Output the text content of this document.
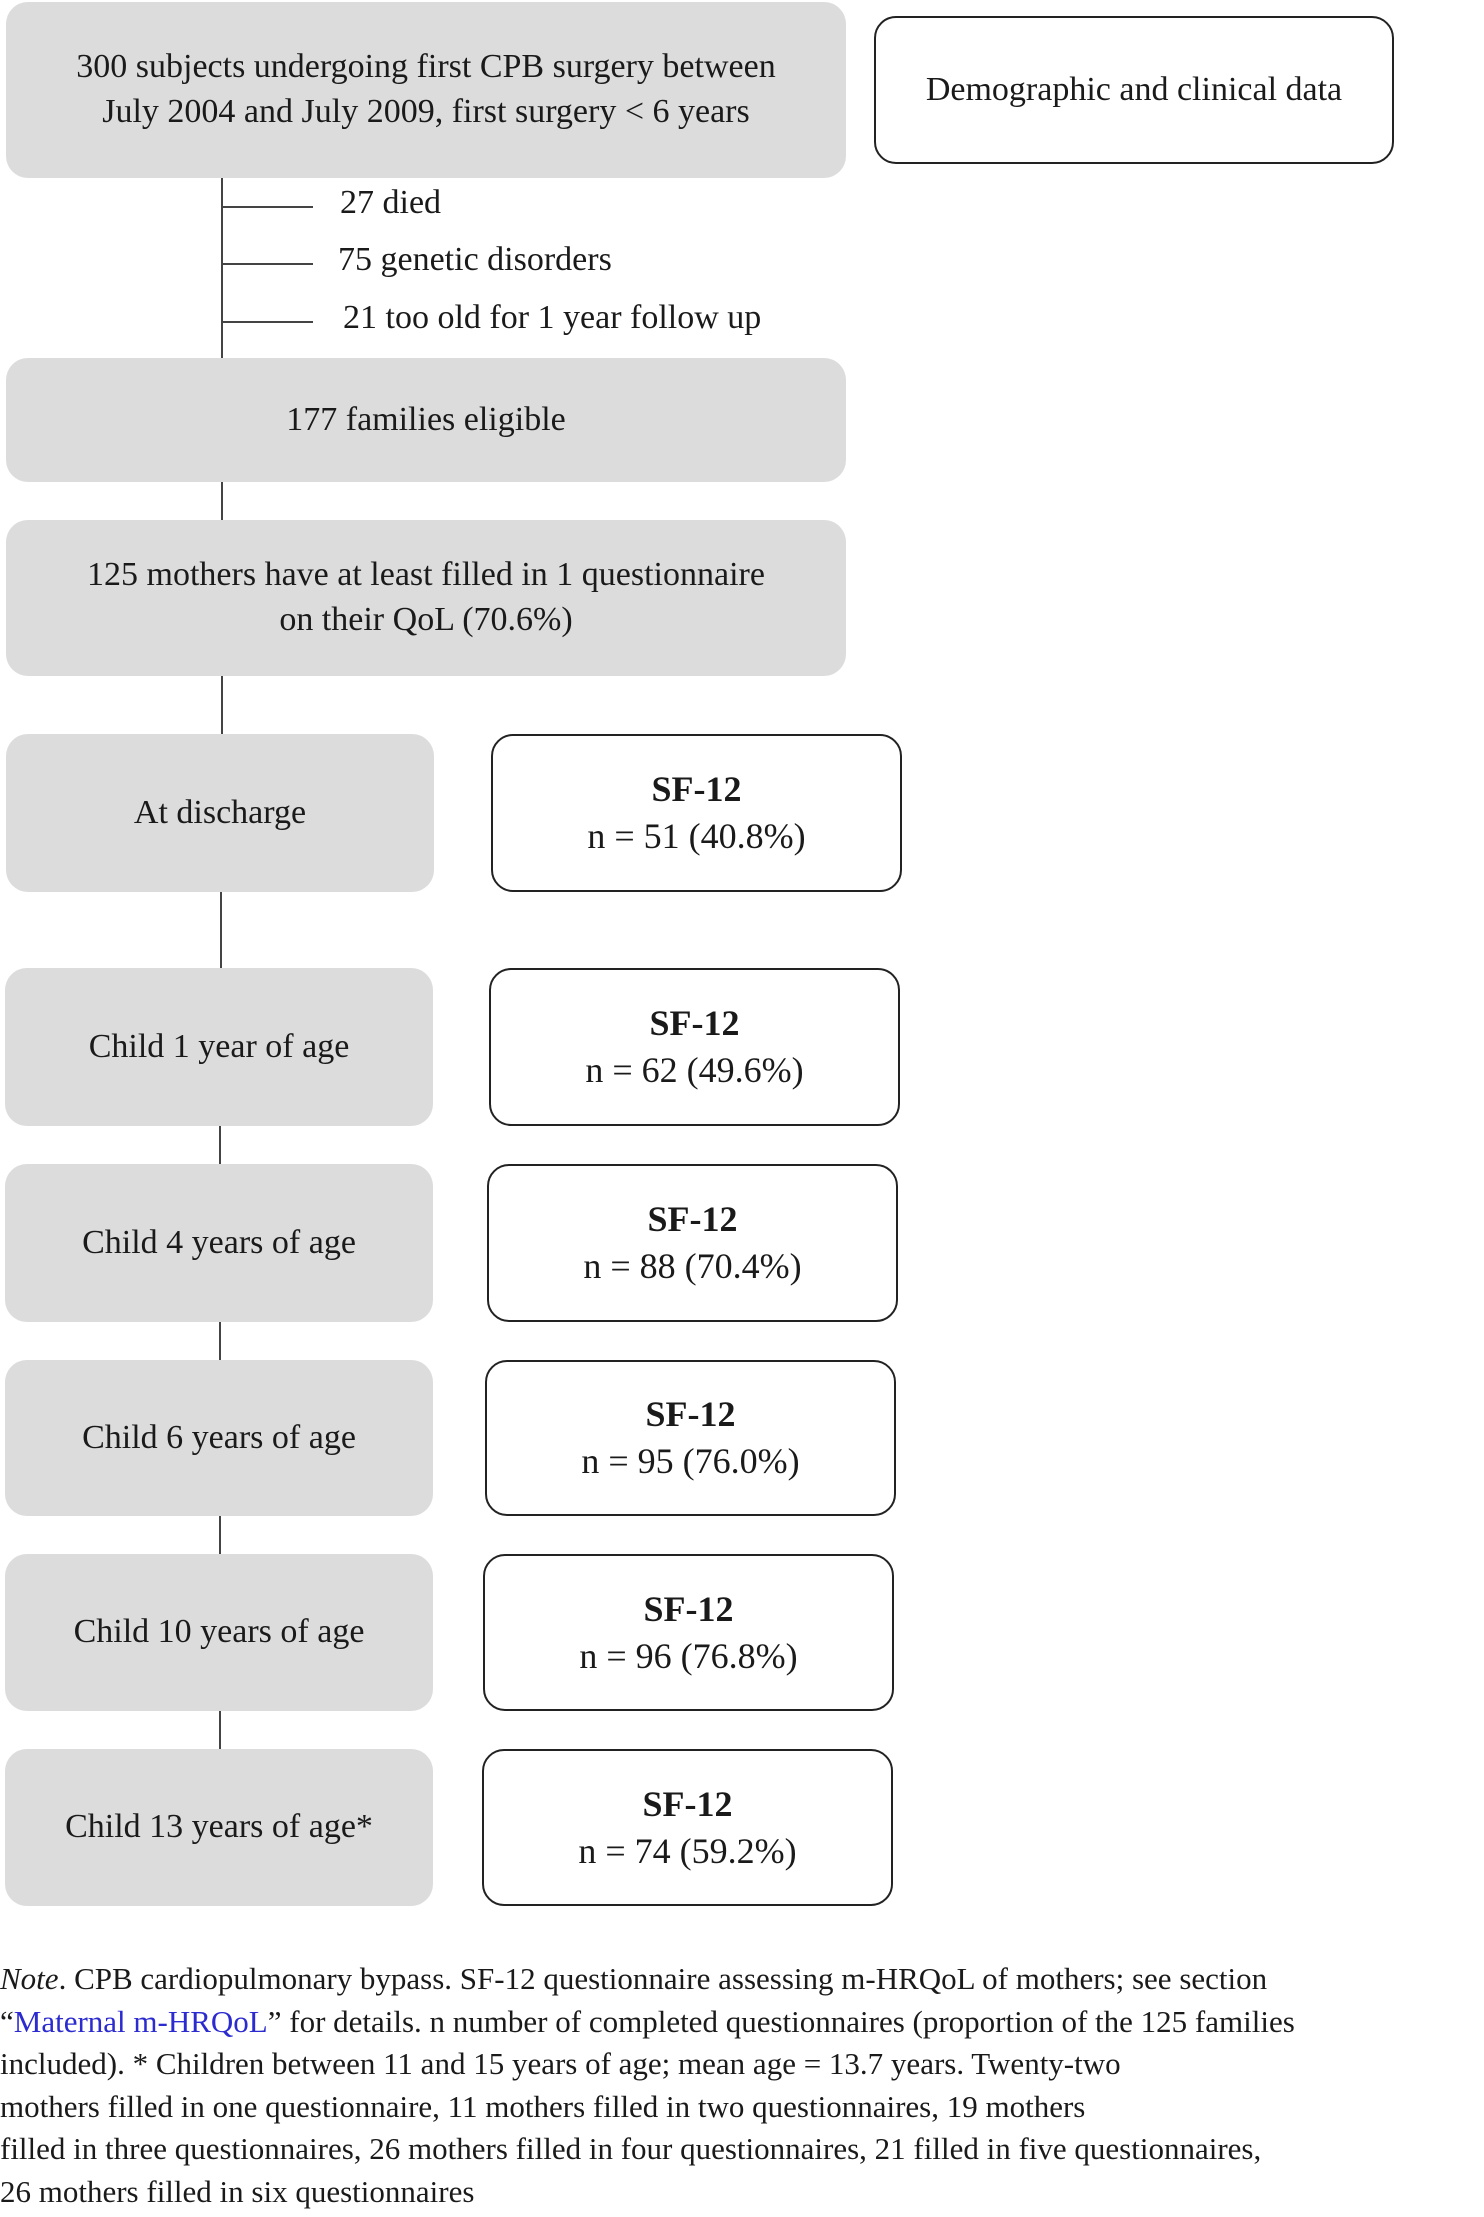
300 subjects undergoing first CPB surgery between
July 2004 and July 2009, first surgery < 6 years
Demographic and clinical data
27 died
75 genetic disorders
21 too old for 1 year follow up
177 families eligible
125 mothers have at least filled in 1 questionnaire
on their QoL (70.6%)
At discharge
SF-12
n = 51 (40.8%)
Child 1 year of age
SF-12
n = 62 (49.6%)
Child 4 years of age
SF-12
n = 88 (70.4%)
Child 6 years of age
SF-12
n = 95 (76.0%)
Child 10 years of age
SF-12
n = 96 (76.8%)
Child 13 years of age*
SF-12
n = 74 (59.2%)
Note. CPB cardiopulmonary bypass. SF-12 questionnaire assessing m-HRQoL of mothers; see section
“Maternal m-HRQoL” for details. n number of completed questionnaires (proportion of the 125 families
included). * Children between 11 and 15 years of age; mean age = 13.7 years. Twenty-two
mothers filled in one questionnaire, 11 mothers filled in two questionnaires, 19 mothers
filled in three questionnaires, 26 mothers filled in four questionnaires, 21 filled in five questionnaires,
26 mothers filled in six questionnaires
